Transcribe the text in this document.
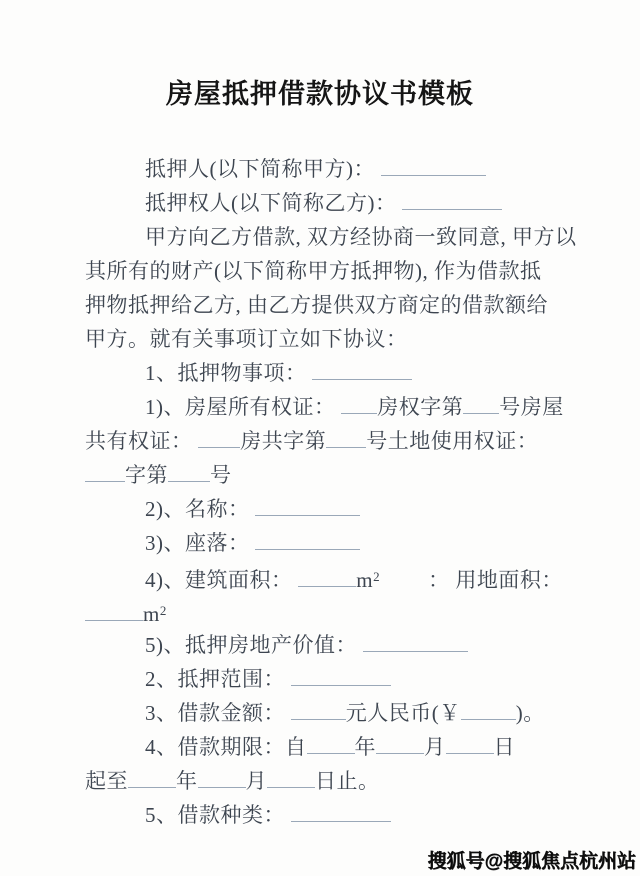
房屋抵押借款协议书模板
抵押人(以下简称甲方)：
抵押权人(以下简称乙方)：
甲方向乙方借款, 双方经协商一致同意, 甲方以
其所有的财产(以下简称甲方抵押物), 作为借款抵
押物抵押给乙方, 由乙方提供双方商定的借款额给
甲方。就有关事项订立如下协议：
1、抵押物事项：
1)、房屋所有权证： 房权字第 号房屋
共有权证： 房共字第 号土地使用权证：
字第 号
2)、名称：
3)、座落：
4)、建筑面积：	$m^2$ ： 用地面积：
$m^2$
5)、抵押房地产价值：
2、抵押范围：
3、借款金额：	元人民币(￥	)。
4、借款期限：自 年 月 日
起至 年 月 日止。
5、借款种类：
搜狐号@搜狐焦点杭州站
